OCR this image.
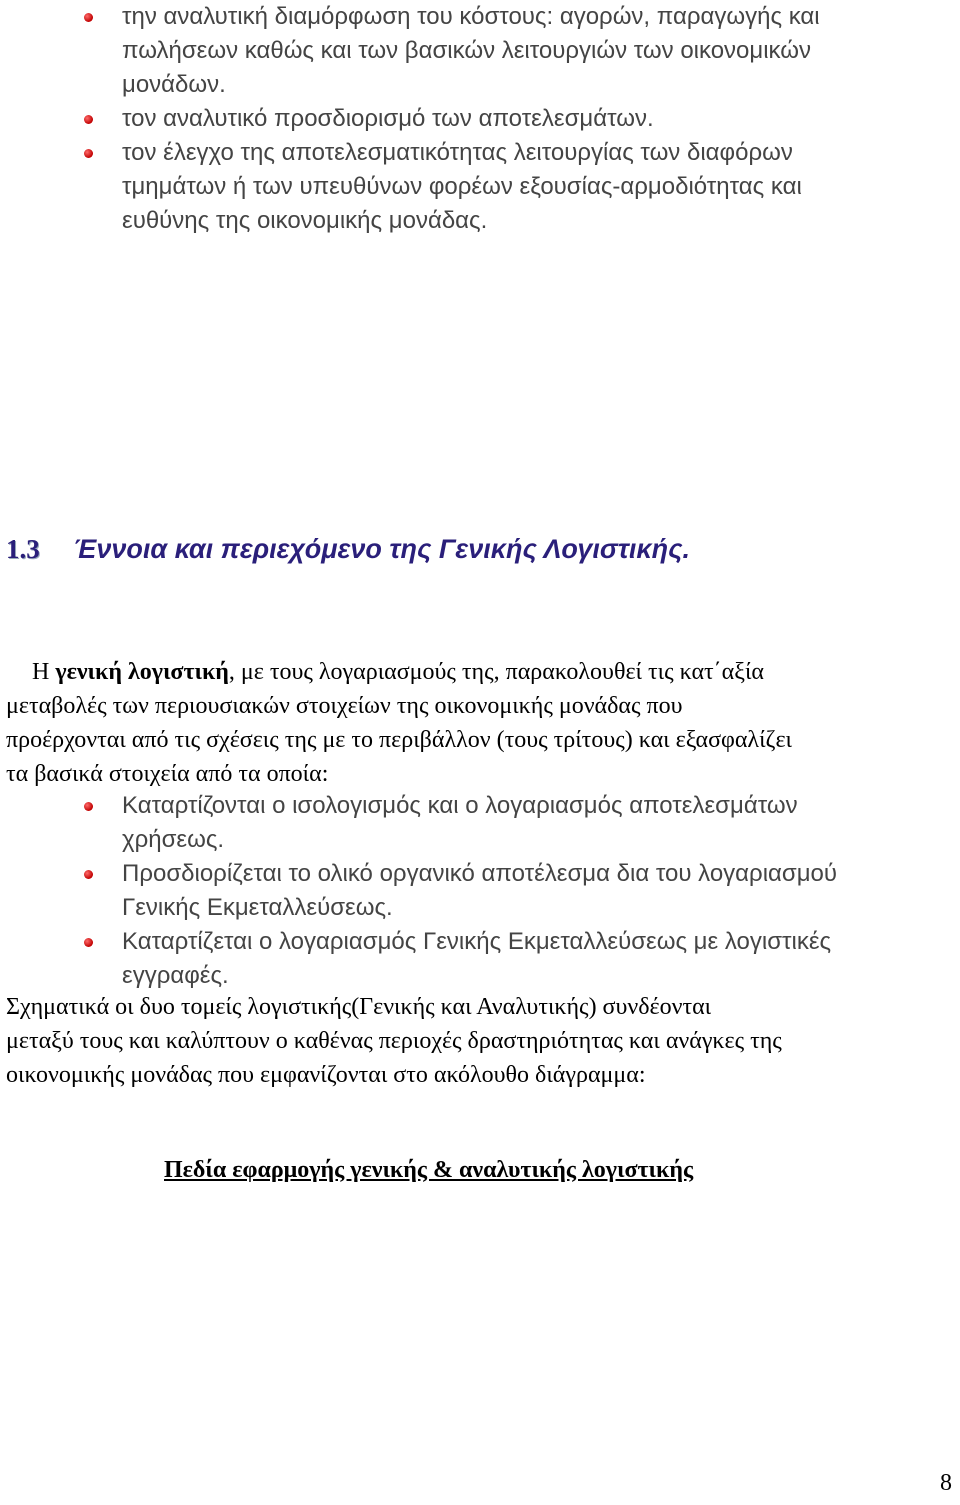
την αναλυτική διαμόρφωση του κόστους: αγορών, παραγωγής και
πωλήσεων καθώς και των βασικών λειτουργιών των οικονομικών
μονάδων.
τον αναλυτικό προσδιορισμό των αποτελεσμάτων.
τον έλεγχο της αποτελεσματικότητας λειτουργίας των διαφόρων
τμημάτων ή των υπευθύνων φορέων εξουσίας-αρμοδιότητας και
ευθύνης της οικονομικής μονάδας.
1.3 Έννοια και περιεχόμενο της Γενικής Λογιστικής.
Η γενική λογιστική, με τους λογαριασμούς της, παρακολουθεί τις κατ΄αξία
μεταβολές των περιουσιακών στοιχείων της οικονομικής μονάδας που
προέρχονται από τις σχέσεις της με το περιβάλλον (τους τρίτους) και εξασφαλίζει
τα βασικά στοιχεία από τα οποία:
Καταρτίζονται ο ισολογισμός και ο λογαριασμός αποτελεσμάτων
χρήσεως.
Προσδιορίζεται το ολικό οργανικό αποτέλεσμα δια του λογαριασμού
Γενικής Εκμεταλλεύσεως.
Καταρτίζεται ο λογαριασμός Γενικής Εκμεταλλεύσεως με λογιστικές
εγγραφές.
Σχηματικά οι δυο τομείς λογιστικής(Γενικής και Αναλυτικής) συνδέονται
μεταξύ τους και καλύπτουν ο καθένας περιοχές δραστηριότητας και ανάγκες της
οικονομικής μονάδας που εμφανίζονται στο ακόλουθο διάγραμμα:
Πεδία εφαρμογής γενικής & αναλυτικής λογιστικής
8
